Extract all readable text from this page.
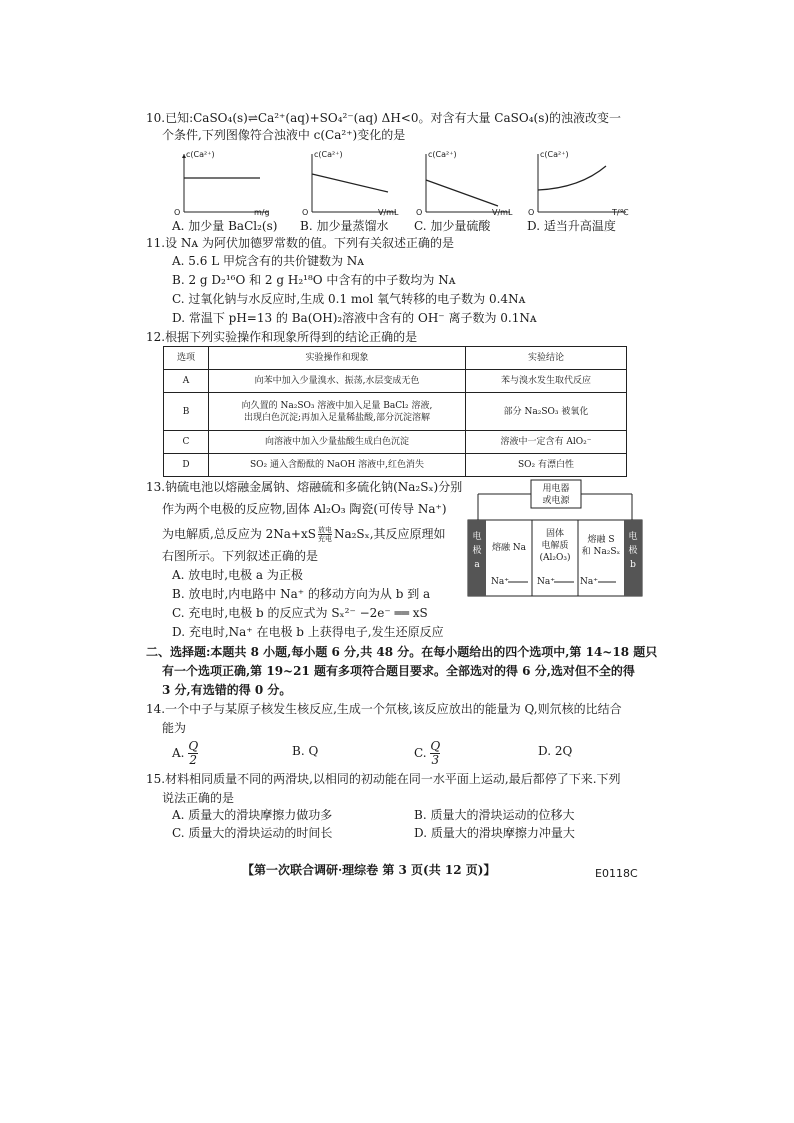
10.已知:CaSO₄(s)⇌Ca²⁺(aq)+SO₄²⁻(aq) ΔH<0。对含有大量 CaSO₄(s)的浊液改变一
个条件,下列图像符合浊液中 c(Ca²⁺)变化的是
c(Ca²⁺)
O	m/g
A. 加少量 BaCl₂(s)
c(Ca²⁺)
O	V/mL
B. 加少量蒸馏水
c(Ca²⁺)
O	V/mL
C. 加少量硫酸
c(Ca²⁺)
O	T/℃
D. 适当升高温度
11.设 Nᴀ 为阿伏加德罗常数的值。下列有关叙述正确的是
A. 5.6 L 甲烷含有的共价键数为 Nᴀ
B. 2 g D₂¹⁶O 和 2 g H₂¹⁸O 中含有的中子数均为 Nᴀ
C. 过氧化钠与水反应时,生成 0.1 mol 氧气转移的电子数为 0.4Nᴀ
D. 常温下 pH=13 的 Ba(OH)₂溶液中含有的 OH⁻ 离子数为 0.1Nᴀ
12.根据下列实验操作和现象所得到的结论正确的是
选项	实验操作和现象	实验结论
A	向苯中加入少量溴水、振荡,水层变成无色	苯与溴水发生取代反应
B	向久置的 Na₂SO₃ 溶液中加入足量 BaCl₂ 溶液,
出现白色沉淀;再加入足量稀盐酸,部分沉淀溶解	部分 Na₂SO₃ 被氧化
C	向溶液中加入少量盐酸生成白色沉淀	溶液中一定含有 AlO₂⁻
D	SO₂ 通入含酚酞的 NaOH 溶液中,红色消失	SO₂ 有漂白性
13.钠硫电池以熔融金属钠、熔融硫和多硫化钠(Na₂Sₓ)分别
作为两个电极的反应物,固体 Al₂O₃ 陶瓷(可传导 Na⁺)
为电解质,总反应为 2Na+xS 放电
充电 Na₂Sₓ,其反应原理如
右图所示。下列叙述正确的是
A. 放电时,电极 a 为正极
B. 放电时,内电路中 Na⁺ 的移动方向为从 b 到 a
C. 充电时,电极 b 的反应式为 Sₓ²⁻ −2e⁻ ══ xS
D. 充电时,Na⁺ 在电极 b 上获得电子,发生还原反应
用电器
或电源
电
极
a
电
极
b
熔融 Na
固体
电解质
(Al₂O₃)
熔融 S
和 Na₂Sₓ
Na⁺	Na⁺	Na⁺
二、选择题:本题共 8 小题,每小题 6 分,共 48 分。在每小题给出的四个选项中,第 14~18 题只
有一个选项正确,第 19~21 题有多项符合题目要求。全部选对的得 6 分,选对但不全的得
3 分,有选错的得 0 分。
14.一个中子与某原子核发生核反应,生成一个氘核,该反应放出的能量为 Q,则氘核的比结合
能为
A. $\frac{Q}{2}$	B. Q	C. $\frac{Q}{3}$	D. 2Q
15.材料相同质量不同的两滑块,以相同的初动能在同一水平面上运动,最后都停了下来.下列
说法正确的是
A. 质量大的滑块摩擦力做功多	B. 质量大的滑块运动的位移大
C. 质量大的滑块运动的时间长	D. 质量大的滑块摩擦力冲量大
【第一次联合调研·理综卷 第 3 页(共 12 页)】	E0118C
